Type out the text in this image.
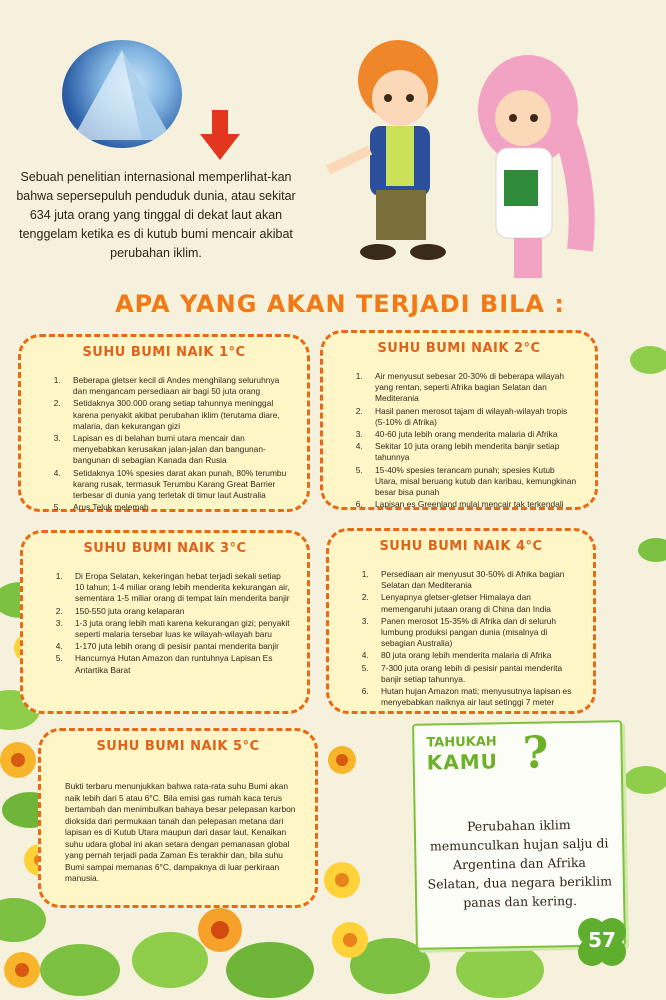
Sebuah penelitian internasional memperlihat-kan bahwa sepersepuluh penduduk dunia, atau sekitar 634 juta orang yang tinggal di dekat laut akan tenggelam ketika es di kutub bumi mencair akibat perubahan iklim.
APA YANG AKAN TERJADI BILA :
SUHU BUMI NAIK 1°C
1. Beberapa gletser kecil di Andes menghilang seluruhnya dan mengancam persediaan air bagi 50 juta orang
2. Setidaknya 300.000 orang setiap tahunnya meninggal karena penyakit akibat perubahan iklim (terutama diare, malaria, dan kekurangan gizi
3. Lapisan es di belahan bumi utara mencair dan menyebabkan kerusakan jalan-jalan dan bangunan-bangunan di sebagian Kanada dan Rusia
4. Setidaknya 10% spesies darat akan punah, 80% terumbu karang rusak, termasuk Terumbu Karang Great Barrier terbesar di dunia yang terletak di timur laut Australia
5. Arus Teluk melemah
SUHU BUMI NAIK 2°C
1. Air menyusut sebesar 20-30% di beberapa wilayah yang rentan, seperti Afrika bagian Selatan dan Mediterania
2. Hasil panen merosot tajam di wilayah-wilayah tropis (5-10% di Afrika)
3. 40-60 juta lebih orang menderita malaria di Afrika
4. Sekitar 10 juta orang lebih menderita banjir setiap tahunnya
5. 15-40% spesies terancam punah; spesies Kutub Utara, misal beruang kutub dan karibau, kemungkinan besar bisa punah
6. Lapisan es Greenland mulai mencair tak terkendali
SUHU BUMI NAIK 3°C
1. Di Eropa Selatan, kekeringan hebat terjadi sekali setiap 10 tahun; 1-4 miliar orang lebih menderita kekurangan air, sementara 1-5 miliar orang di tempat lain menderita banjir
2. 150-550 juta orang kelaparan
3. 1-3 juta orang lebih mati karena kekurangan gizi; penyakit seperti malaria tersebar luas ke wilayah-wilayah baru
4. 1-170 juta lebih orang di pesisir pantai menderita banjir
5. Hancurnya Hutan Amazon dan runtuhnya Lapisan Es Antartika Barat
SUHU BUMI NAIK 4°C
1. Persediaan air menyusut 30-50% di Afrika bagian Selatan dan Mediterania
2. Lenyapnya gletser-gletser Himalaya dan memengaruhi jutaan orang di China dan India
3. Panen merosot 15-35% di Afrika dan di seluruh lumbung produksi pangan dunia (misalnya di sebagian Australia)
4. 80 juta orang lebih menderita malaria di Afrika
5. 7-300 juta orang lebih di pesisir pantai menderita banjir setiap tahunnya.
6. Hutan hujan Amazon mati; menyusutnya lapisan es menyebabkan naiknya air laut setinggi 7 meter
SUHU BUMI NAIK 5°C

Bukti terbaru menunjukkan bahwa rata-rata suhu Bumi akan naik lebih dari 5 atau 6°C. Bila emisi gas rumah kaca terus bertambah dan menimbulkan bahaya besar pelepasan karbon dioksida dari permukaan tanah dan pelepasan metana dari lapisan es di Kutub Utara maupun dari dasar laut. Kenaikan suhu udara global ini akan setara dengan pemanasan global yang pernah terjadi pada Zaman Es terakhir dan, bila suhu Bumi sampai memanas 6°C, dampaknya di luar perkiraan manusia.

TAHUKAH
KAMU ?
Perubahan iklim memunculkan hujan salju di Argentina dan Afrika Selatan, dua negara beriklim panas dan kering.
57
